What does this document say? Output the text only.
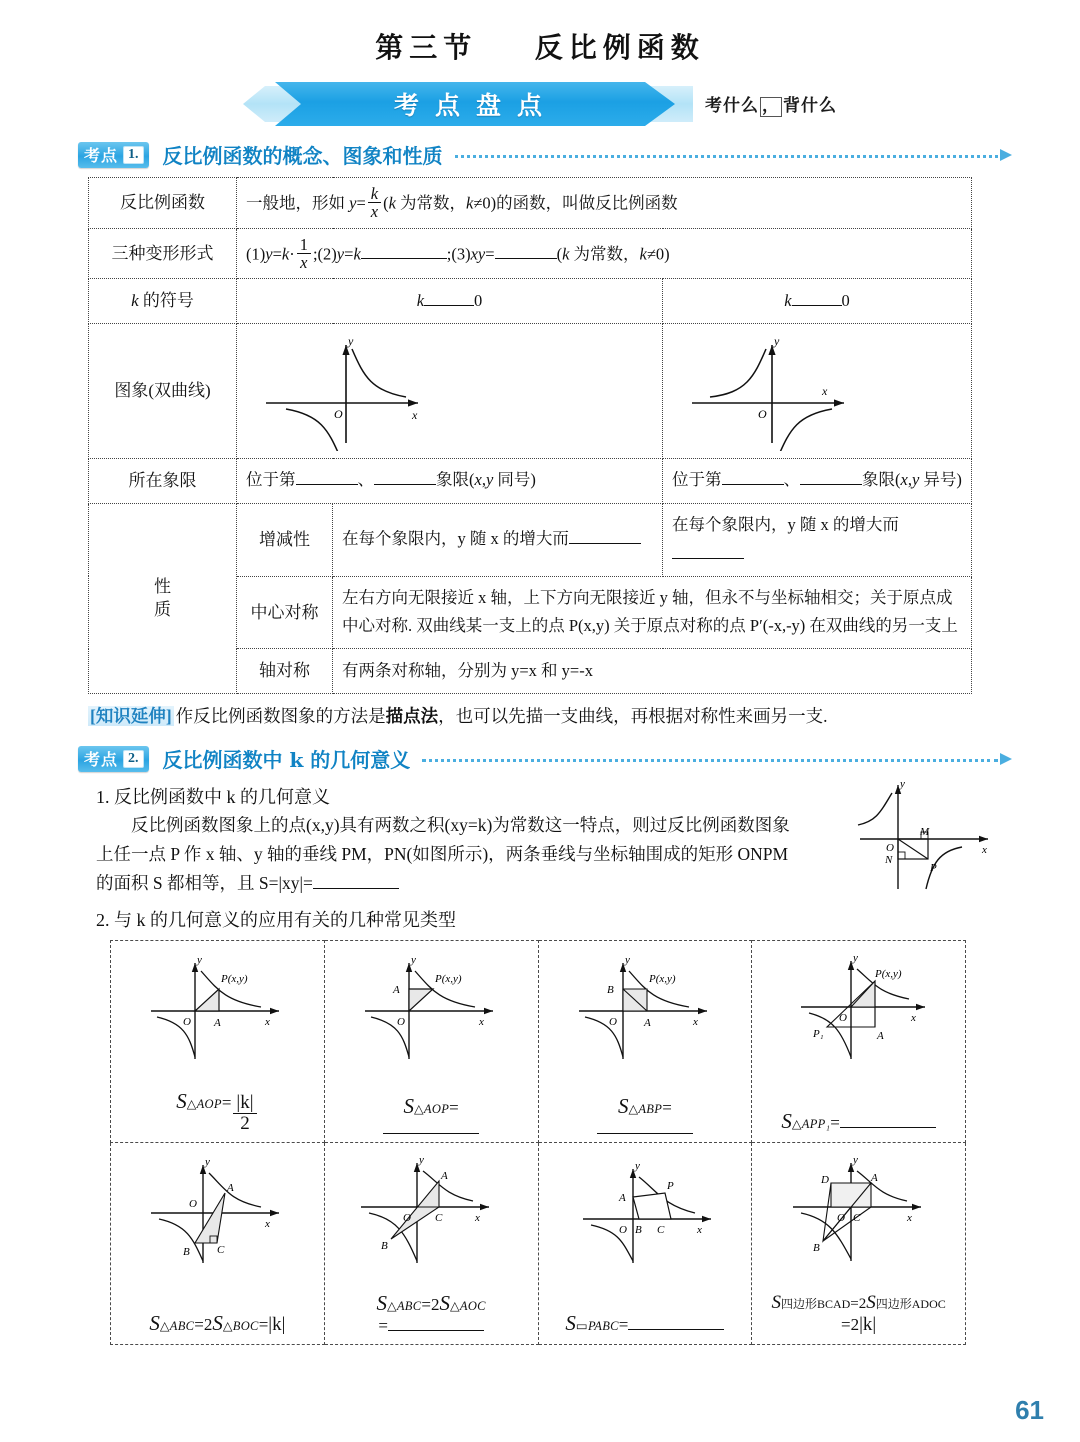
第三节 反比例函数
考点盘点	考什么 ， 背什么
考点 1. 反比例函数的概念、图象和性质
反比例函数	一般地，形如 $y= \frac{k}{x} (k$ 为常数，k≠0)的函数，叫做反比例函数		
三种变形形式	$(1)y=k\cdot \frac{1}{x}$ ;(2)y=k ;(3)xy= (k 为常数，k≠0)		
k 的符号	k 0		k 0
图象(双曲线)	y
x
O		y
x
O

所在象限	位于第 、 象限(x,y 同号)		位于第 、 象限(x,y 异号)

性
质	增减性	在每个象限内，y 随 x 的增大而	在每个象限内，y 随 x 的增大而
	中心对称	左右方向无限接近 x 轴，上下方向无限接近 y 轴，但永不与坐标轴相交；关于原点成中心对称. 双曲线某一支上的点 P(x,y) 关于原点对称的点 P′(-x,-y) 在双曲线的另一支上	
	轴对称	有两条对称轴，分别为 y=x 和 y=-x	
[知识延伸] 作反比例函数图象的方法是描点法，也可以先描一支曲线，再根据对称性来画另一支.
考点 2. 反比例函数中 k 的几何意义
1. 反比例函数中 k 的几何意义

反比例函数图象上的点(x,y)具有两数之积(xy=k)为常数这一特点，则过反比例函数图象上任一点 P 作 x 轴、y 轴的垂线 PM，PN(如图所示)，两条垂线与坐标轴围成的矩形 ONPM 的面积 S 都相等，且 S=|xy|=

y
x
O
M
N
P
2. 与 k 的几何意义的应用有关的几种常见类型
y
x
O A
P(x,y)
S △AOP = $\frac{|k|}{2}$

y
x
O
A
P(x,y)
S △AOP =

y
x
O A
B
P(x,y)
S △ABP =

y
x
O
A
P(x,y)
P₁
S △APP₁ =

y
x
O
A
B C
S △ABC =2 S △BOC = |k|

y
x
O
A
B
C
S △ABC =2 S △AOC
=

y
x
O
A
B C
P
S ▭PABC =

y
x
O
A
B
C
D
S 四边形BCAD =2 S 四边形ADOC
=2 |k|
61
